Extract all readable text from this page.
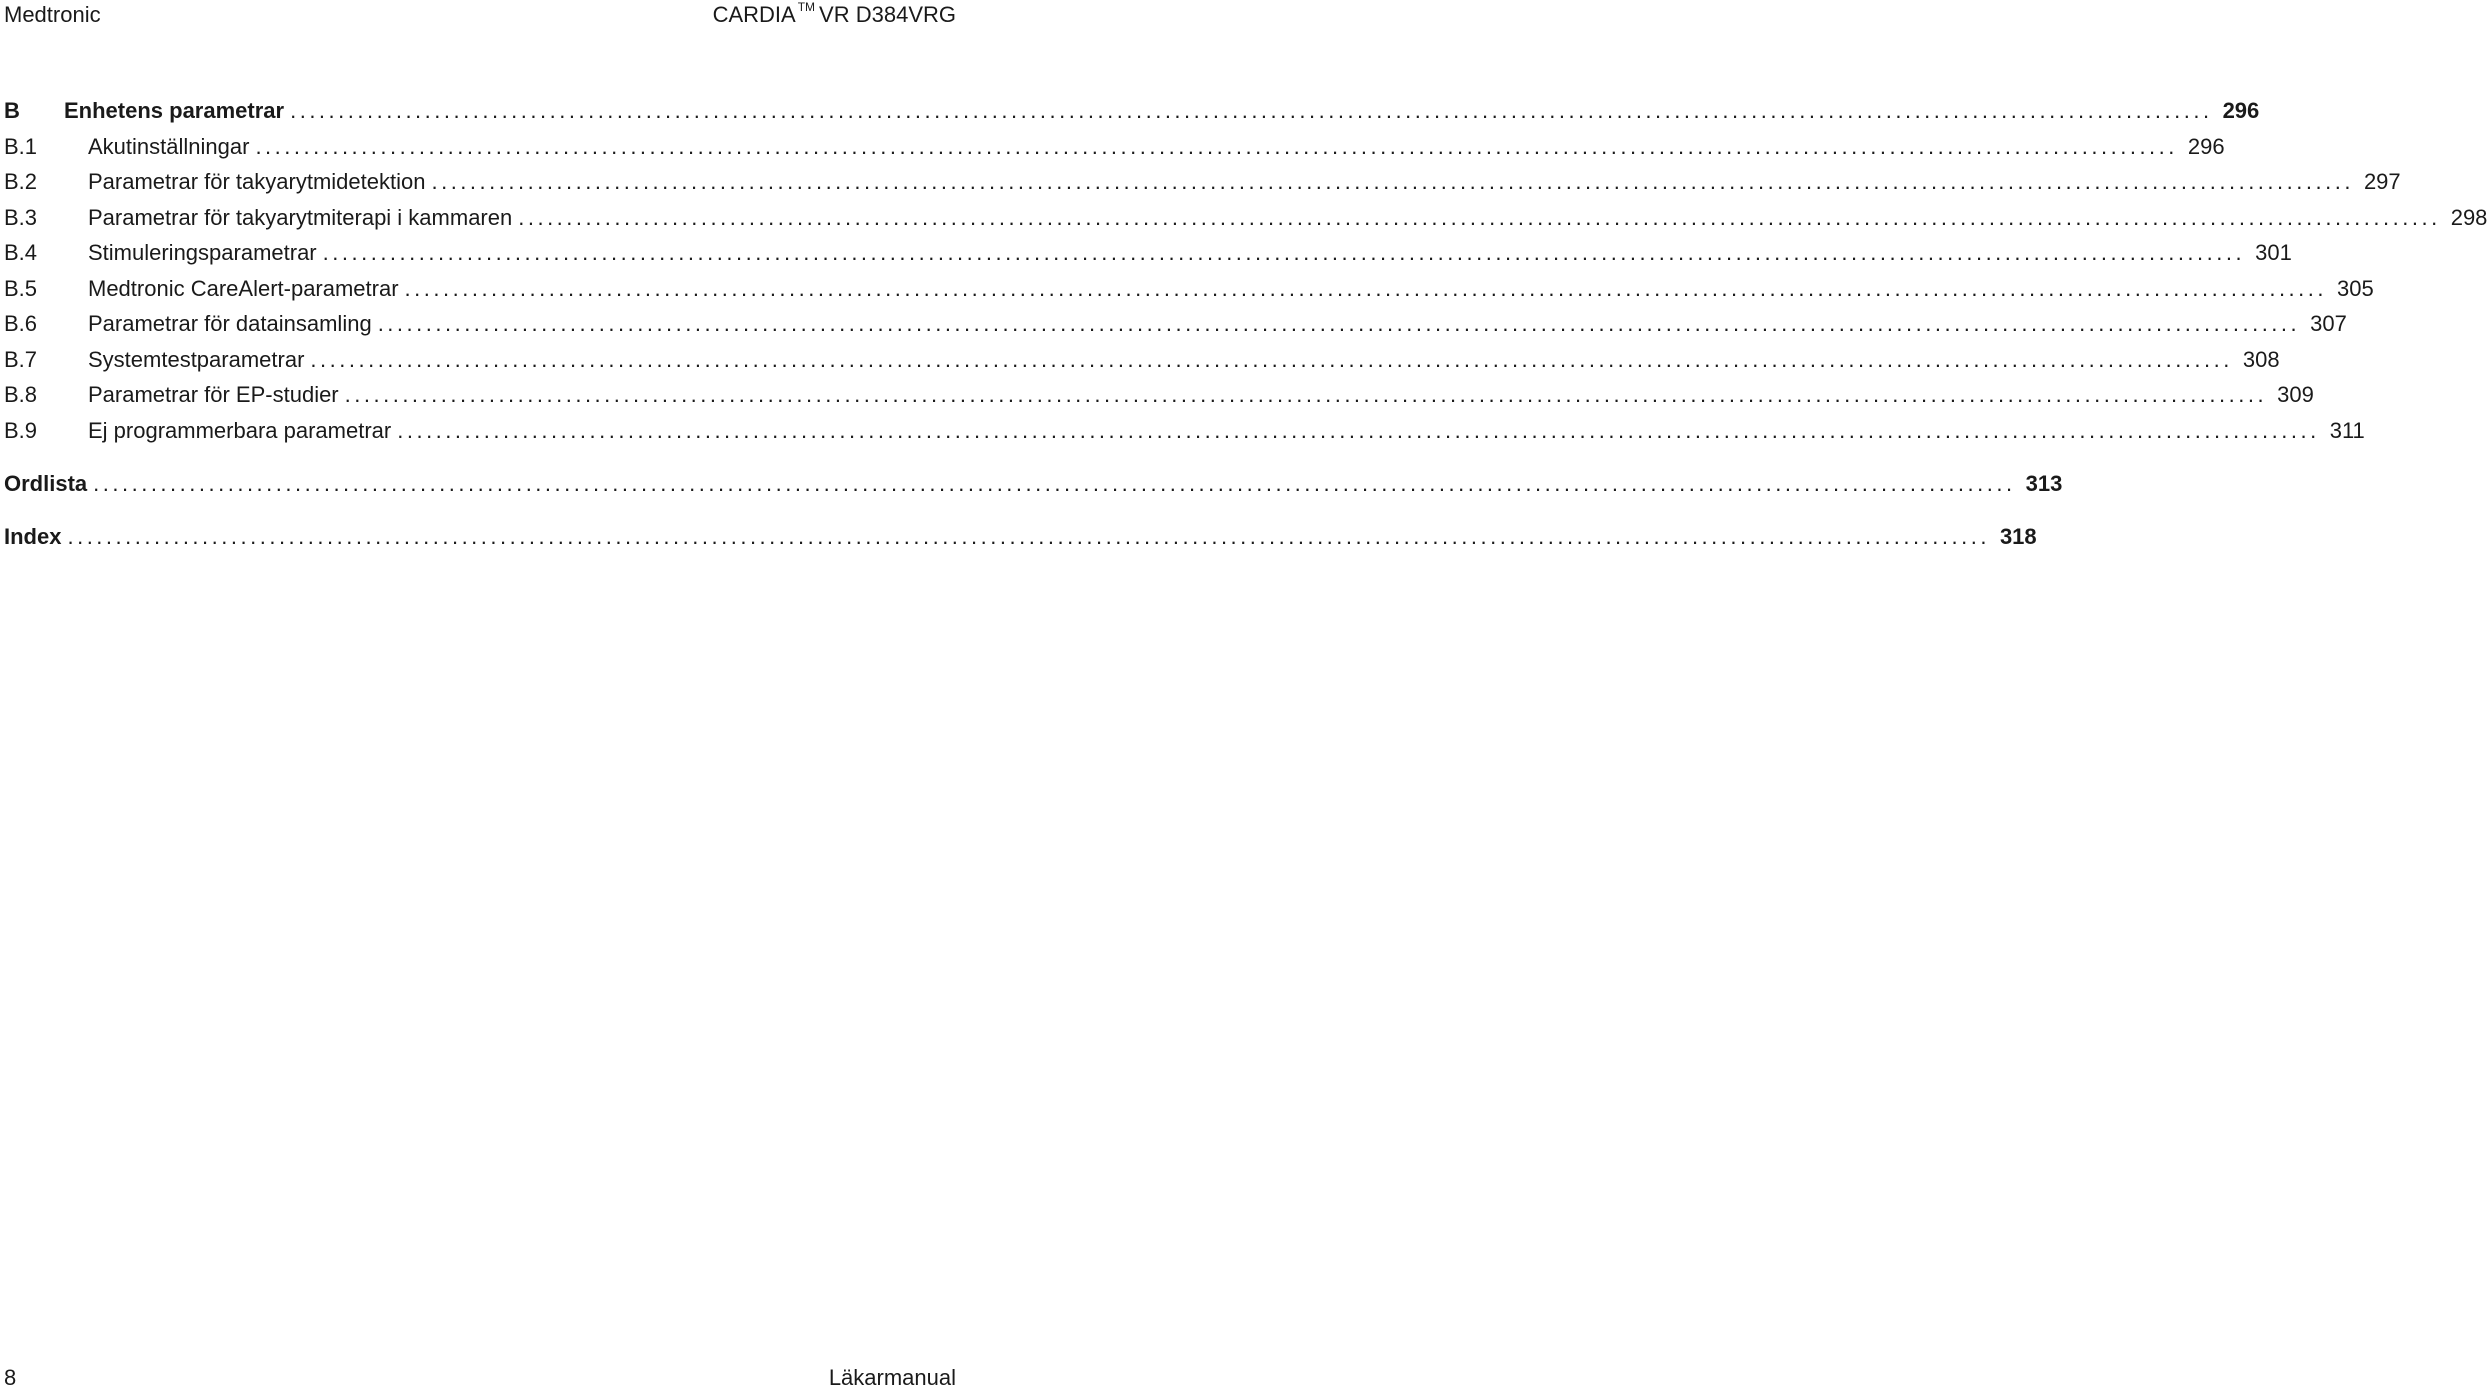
Medtronic	CARDIA ™ VR D384VRG
B	Enhetens parametrar ........................................................................................................................................................................................................ 296
B.1	Akutinställningar ........................................................................................................................................................................................................ 296
B.2	Parametrar för takyarytmidetektion ........................................................................................................................................................................................................ 297
B.3	Parametrar för takyarytmiterapi i kammaren ........................................................................................................................................................................................................ 298
B.4	Stimuleringsparametrar ........................................................................................................................................................................................................ 301
B.5	Medtronic CareAlert-parametrar ........................................................................................................................................................................................................ 305
B.6	Parametrar för datainsamling ........................................................................................................................................................................................................ 307
B.7	Systemtestparametrar ........................................................................................................................................................................................................ 308
B.8	Parametrar för EP-studier ........................................................................................................................................................................................................ 309
B.9	Ej programmerbara parametrar ........................................................................................................................................................................................................ 311
Ordlista ........................................................................................................................................................................................................ 313
Index ........................................................................................................................................................................................................ 318
8	Läkarmanual
